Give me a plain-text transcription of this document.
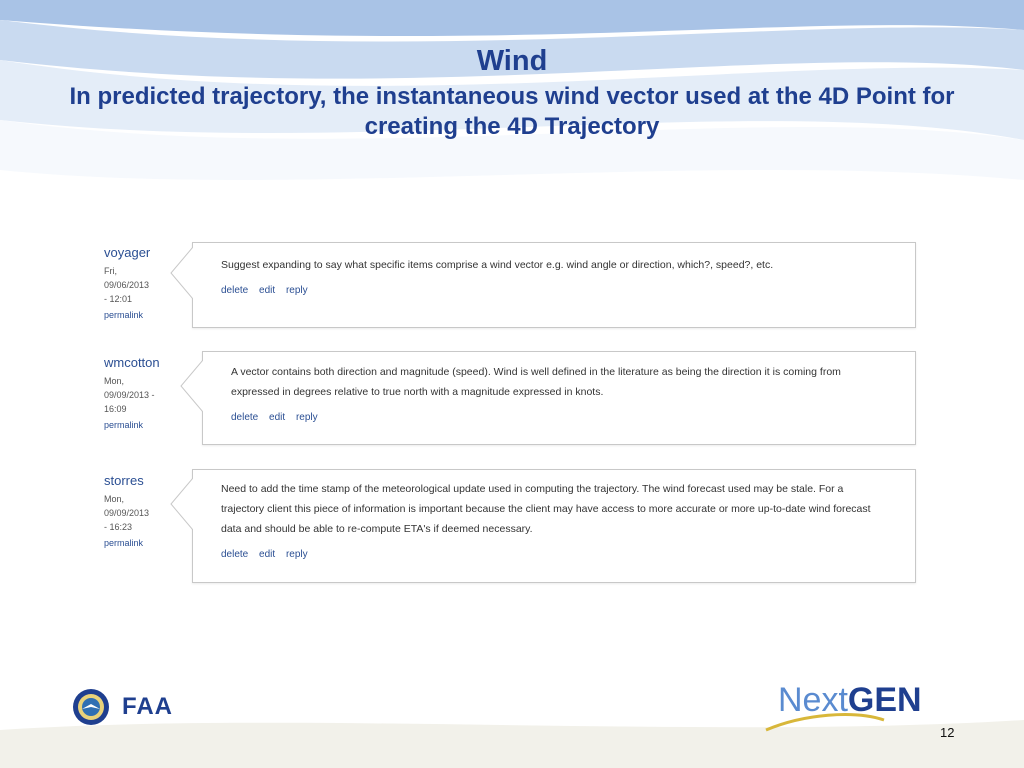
Wind
In predicted trajectory, the instantaneous wind vector used at the 4D Point for creating the 4D Trajectory
voyager
Fri,
09/06/2013
- 12:01
permalink
Suggest expanding to say what specific items comprise a wind vector e.g. wind angle or direction, which?, speed?, etc.
delete edit reply
wmcotton
Mon,
09/09/2013 -
16:09
permalink
A vector contains both direction and magnitude (speed). Wind is well defined in the literature as being the direction it is coming from expressed in degrees relative to true north with a magnitude expressed in knots.
delete edit reply
storres
Mon,
09/09/2013
- 16:23
permalink
Need to add the time stamp of the meteorological update used in computing the trajectory. The wind forecast used may be stale. For a trajectory client this piece of information is important because the client may have access to more accurate or more up-to-date wind forecast data and should be able to re-compute ETA's if deemed necessary.
delete edit reply
FAA	NextGEN
12
